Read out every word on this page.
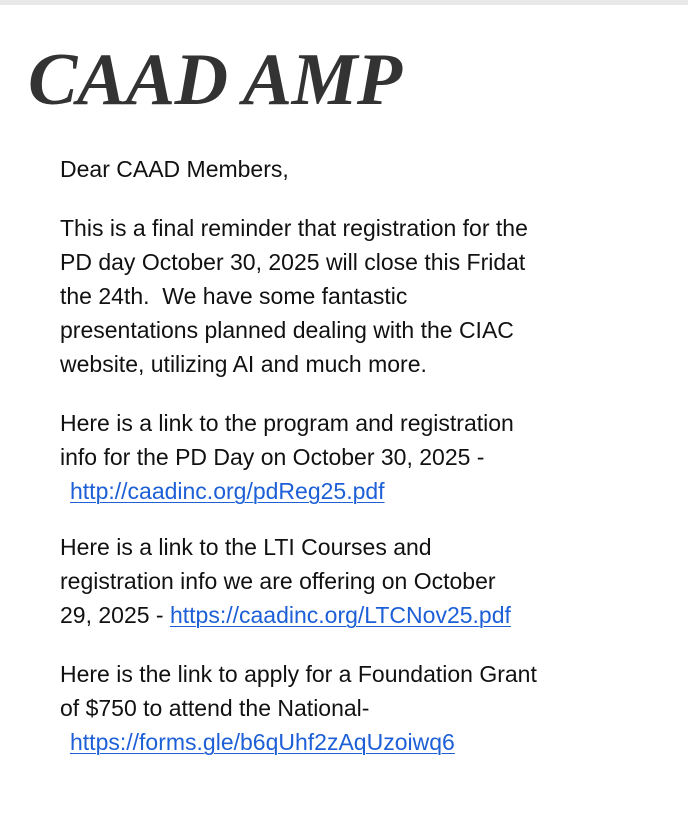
CAAD AMP

Dear CAAD Members,

This is a final reminder that registration for the
PD day October 30, 2025 will close this Fridat
the 24th.  We have some fantastic
presentations planned dealing with the CIAC
website, utilizing AI and much more.

Here is a link to the program and registration
info for the PD Day on October 30, 2025 -
http://caadinc.org/pdReg25.pdf

Here is a link to the LTI Courses and
registration info we are offering on October
29, 2025 - https://caadinc.org/LTCNov25.pdf

Here is the link to apply for a Foundation Grant
of $750 to attend the National-
https://forms.gle/b6qUhf2zAqUzoiwq6
